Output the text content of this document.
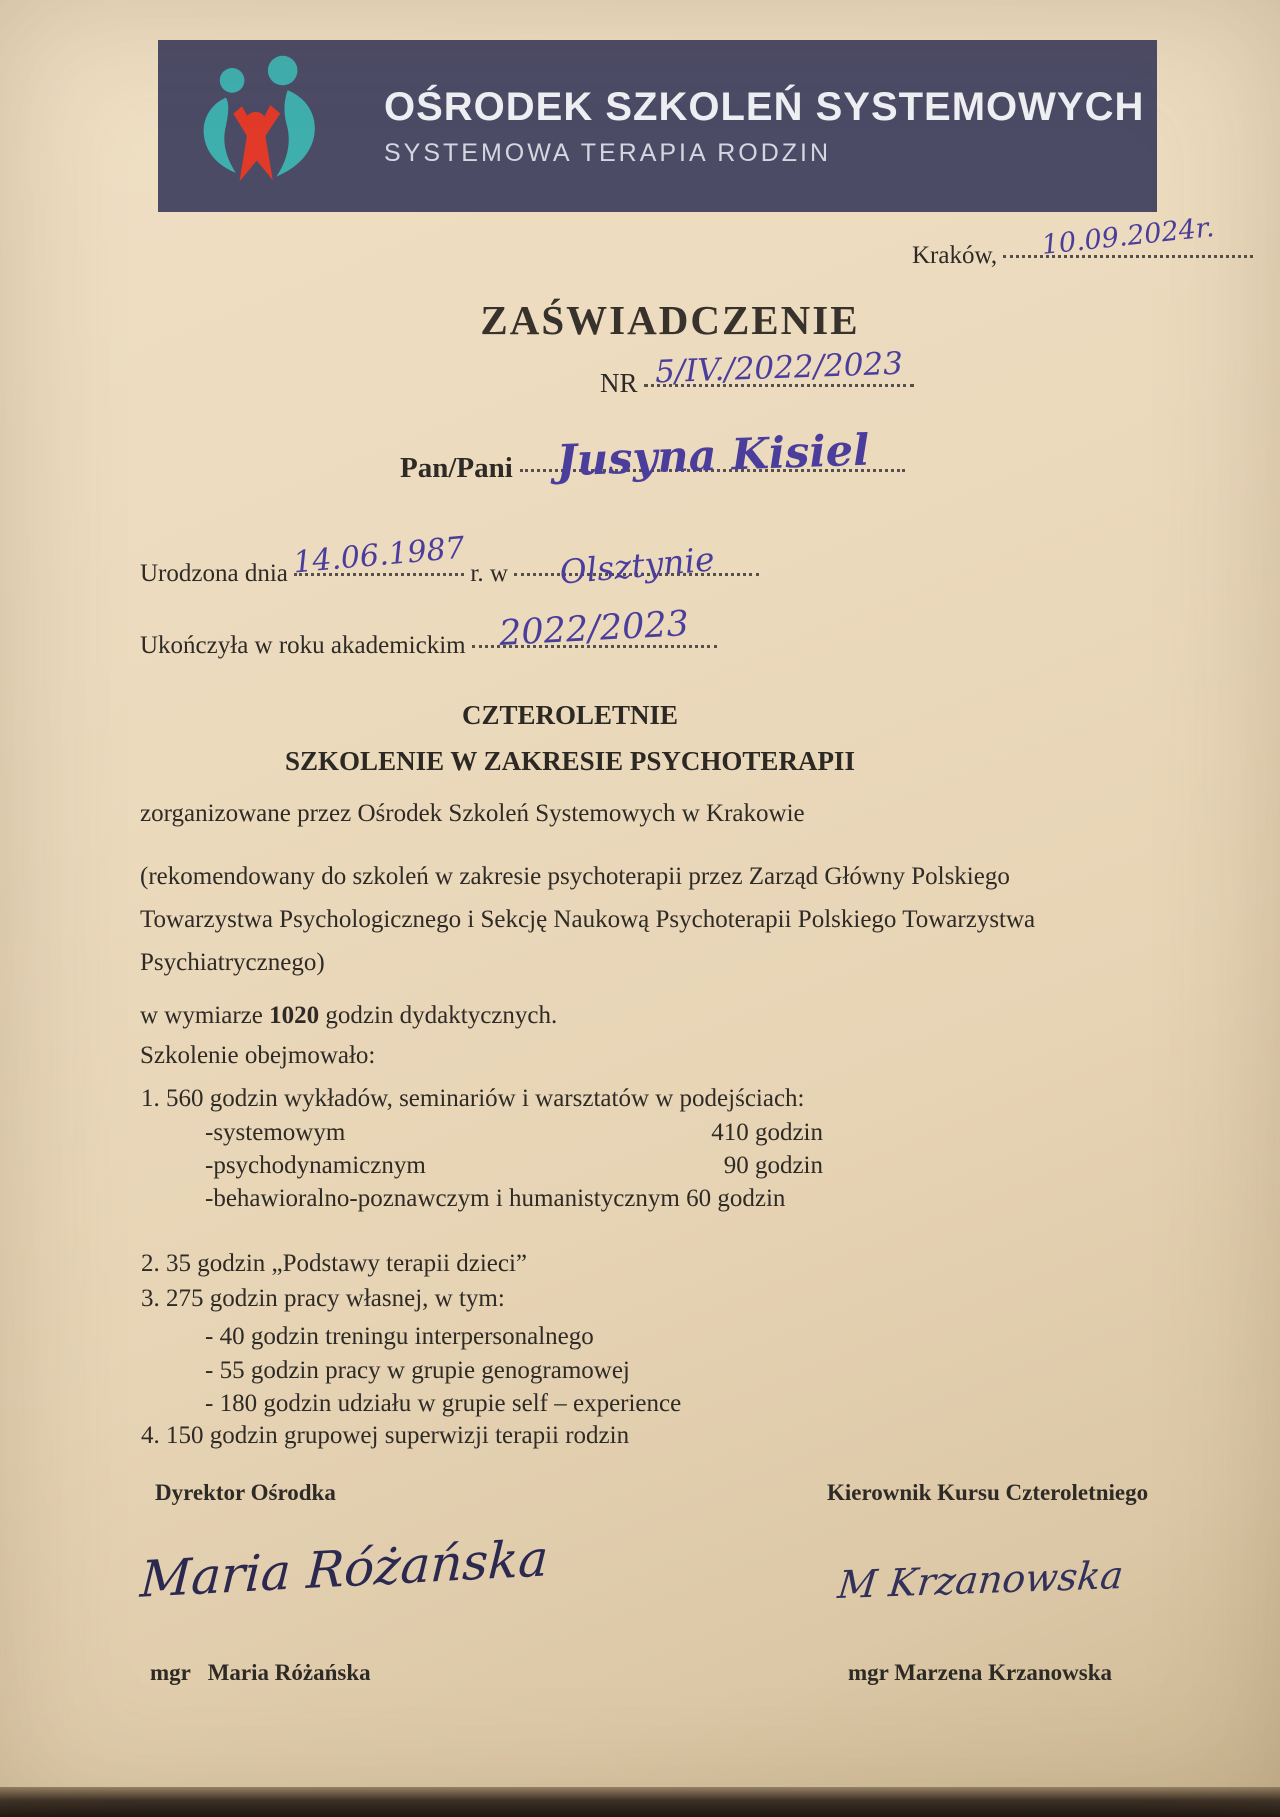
OŚRODEK SZKOLEŃ SYSTEMOWYCH
SYSTEMOWA TERAPIA RODZIN
Kraków, 10.09.2024r.
ZAŚWIADCZENIE
NR 5/IV./2022/2023
Pan/Pani Jusyna Kisiel
Urodzona dnia 14.06.1987 r. w Olsztynie
Ukończyła w roku akademickim 2022/2023
CZTEROLETNIE
SZKOLENIE W ZAKRESIE PSYCHOTERAPII
zorganizowane przez Ośrodek Szkoleń Systemowych w Krakowie
(rekomendowany do szkoleń w zakresie psychoterapii przez Zarząd Główny Polskiego
Towarzystwa Psychologicznego i Sekcję Naukową Psychoterapii Polskiego Towarzystwa
Psychiatrycznego)
w wymiarze 1020 godzin dydaktycznych.
Szkolenie obejmowało:
1. 560 godzin wykładów, seminariów i warsztatów w podejściach:
-systemowym	410 godzin
-psychodynamicznym	90 godzin
-behawioralno-poznawczym i humanistycznym 60 godzin
2. 35 godzin „Podstawy terapii dzieci”
3. 275 godzin pracy własnej, w tym:
- 40 godzin treningu interpersonalnego
- 55 godzin pracy w grupie genogramowej
- 180 godzin udziału w grupie self – experience
4. 150 godzin grupowej superwizji terapii rodzin
Dyrektor Ośrodka	Kierownik Kursu Czteroletniego
Maria Różańska	M Krzanowska
mgr   Maria Różańska	mgr Marzena Krzanowska
